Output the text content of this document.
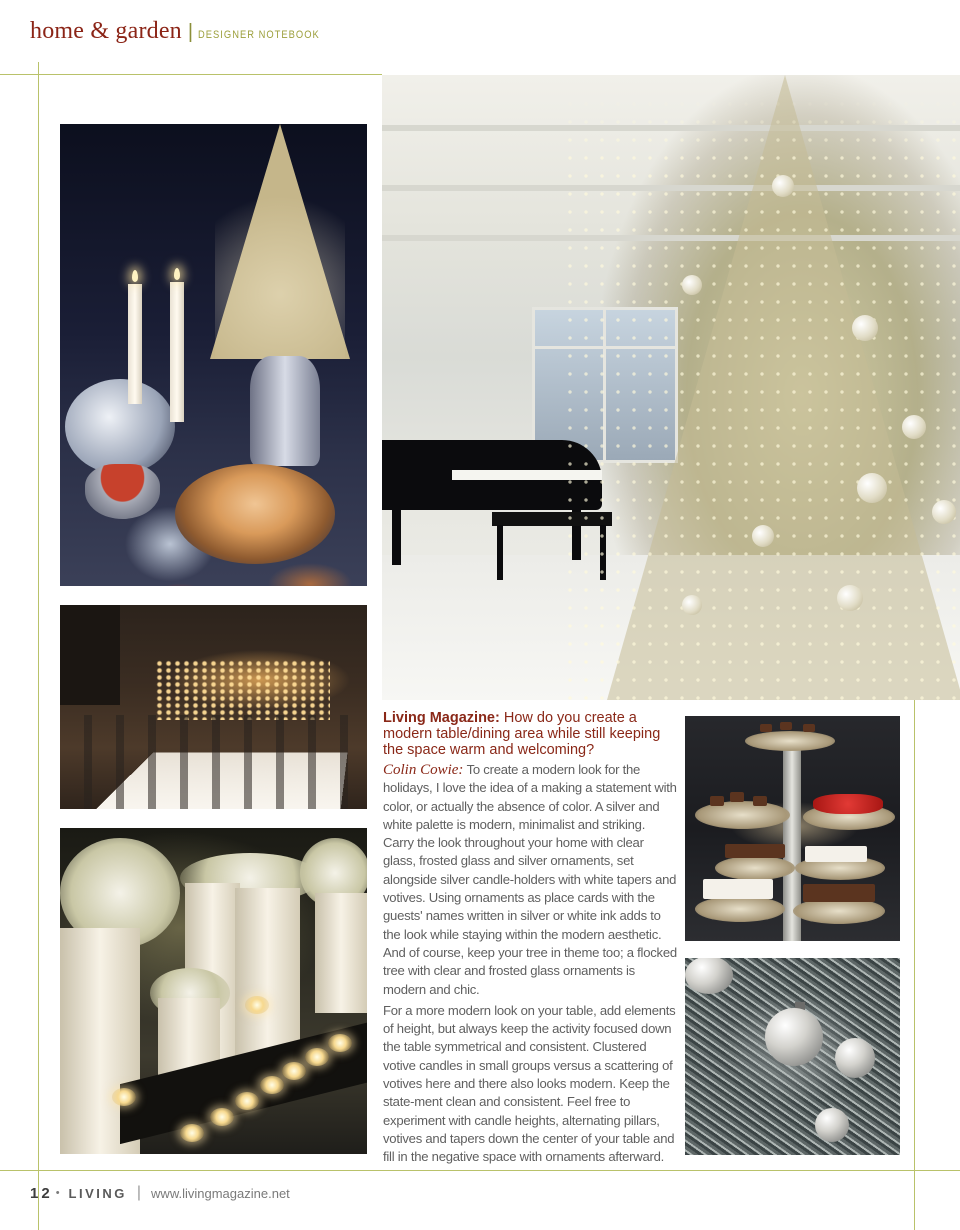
home & garden | DESIGNER NOTEBOOK

Living Magazine: How do you create a modern table/dining area while still keeping the space warm and welcoming?

Colin Cowie: To create a modern look for the holidays, I love the idea of a making a statement with color, or actually the absence of color. A silver and white palette is modern, minimalist and striking. Carry the look throughout your home with clear glass, frosted glass and silver ornaments, set alongside silver candle-holders with white tapers and votives. Using ornaments as place cards with the guests' names written in silver or white ink adds to the look while staying within the modern aesthetic. And of course, keep your tree in theme too; a flocked tree with clear and frosted glass ornaments is modern and chic.

For a more modern look on your table, add elements of height, but always keep the activity focused down the table symmetrical and consistent. Clustered votive candles in small groups versus a scattering of votives here and there also looks modern. Keep the state-ment clean and consistent. Feel free to experiment with candle heights, alternating pillars, votives and tapers down the center of your table and fill in the negative space with ornaments afterward.

12 • LIVING | www.livingmagazine.net
